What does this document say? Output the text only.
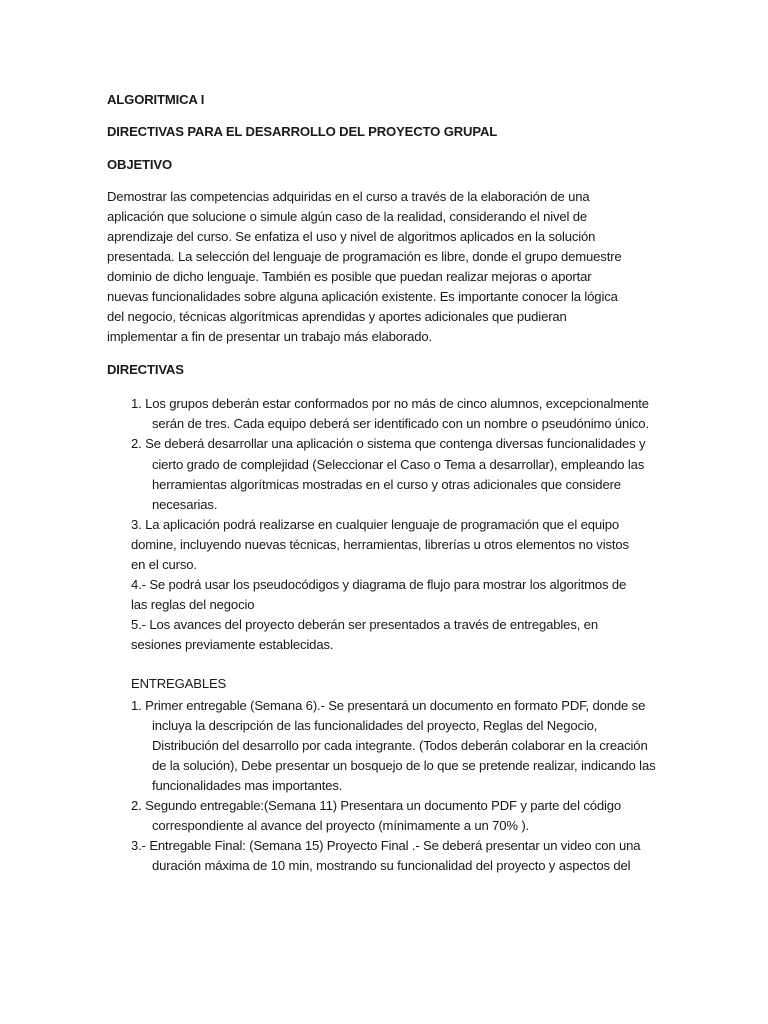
ALGORITMICA I
DIRECTIVAS PARA EL DESARROLLO DEL PROYECTO GRUPAL
OBJETIVO
Demostrar las competencias adquiridas en el curso a través de la elaboración de una
aplicación que solucione o simule algún caso de la realidad, considerando el nivel de
aprendizaje del curso. Se enfatiza el uso y nivel de algoritmos aplicados en la solución
presentada. La selección del lenguaje de programación es libre, donde el grupo demuestre
dominio de dicho lenguaje. También es posible que puedan realizar mejoras o aportar
nuevas funcionalidades sobre alguna aplicación existente. Es importante conocer la lógica
del negocio, técnicas algorítmicas aprendidas y aportes adicionales que pudieran
implementar a fin de presentar un trabajo más elaborado.
DIRECTIVAS
1. Los grupos deberán estar conformados por no más de cinco alumnos, excepcionalmente
serán de tres. Cada equipo deberá ser identificado con un nombre o pseudónimo único.
2. Se deberá desarrollar una aplicación o sistema que contenga diversas funcionalidades y
cierto grado de complejidad (Seleccionar el Caso o Tema a desarrollar), empleando las
herramientas algorítmicas mostradas en el curso y otras adicionales que considere
necesarias.
3. La aplicación podrá realizarse en cualquier lenguaje de programación que el equipo
domine, incluyendo nuevas técnicas, herramientas, librerías u otros elementos no vistos
en el curso.
4.- Se podrá usar los pseudocódigos y diagrama de flujo para mostrar los algoritmos de
las reglas del negocio
5.- Los avances del proyecto deberán ser presentados a través de entregables, en
sesiones previamente establecidas.
ENTREGABLES
1. Primer entregable (Semana 6).- Se presentará un documento en formato PDF, donde se
incluya la descripción de las funcionalidades del proyecto, Reglas del Negocio,
Distribución del desarrollo por cada integrante. (Todos deberán colaborar en la creación
de la solución), Debe presentar un bosquejo de lo que se pretende realizar, indicando las
funcionalidades mas importantes.
2. Segundo entregable:(Semana 11) Presentara un documento PDF y parte del código
correspondiente al avance del proyecto (mínimamente a un 70% ).
3.- Entregable Final: (Semana 15) Proyecto Final .- Se deberá presentar un video con una
duración máxima de 10 min, mostrando su funcionalidad del proyecto y aspectos del
